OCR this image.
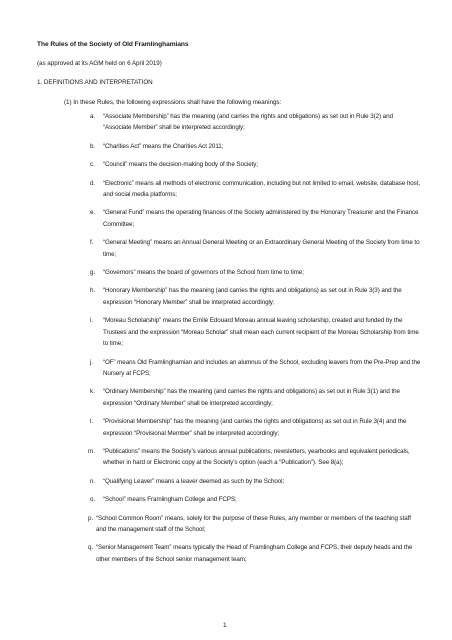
The Rules of the Society of Old Framlinghamians
(as approved at its AGM held on 6 April 2019)
1. DEFINITIONS AND INTERPRETATION
(1) In these Rules, the following expressions shall have the following meanings:
a. “Associate Membership” has the meaning (and carries the rights and obligations) as set out in Rule 3(2) and “Associate Member” shall be interpreted accordingly;
b. “Charities Act” means the Charities Act 2011;
c. “Council” means the decision-making body of the Society;
d. “Electronic” means all methods of electronic communication, including but not limited to email, website, database host, and social media platforms;
e. “General Fund” means the operating finances of the Society administered by the Honorary Treasurer and the Finance Committee;
f. “General Meeting” means an Annual General Meeting or an Extraordinary General Meeting of the Society from time to time;
g. “Governors” means the board of governors of the School from time to time;
h. “Honorary Membership” has the meaning (and carries the rights and obligations) as set out in Rule 3(3) and the expression “Honorary Member” shall be interpreted accordingly;
i. “Moreau Scholarship” means the Emile Edouard Moreau annual leaving scholarship, created and funded by the Trustees and the expression “Moreau Scholar” shall mean each current recipient of the Moreau Scholarship from time to time;
j. “OF” means Old Framlinghamian and includes an alumnus of the School, excluding leavers from the Pre-Prep and the Nursery at FCPS;
k. “Ordinary Membership” has the meaning (and carries the rights and obligations) as set out in Rule 3(1) and the expression “Ordinary Member” shall be interpreted accordingly;
l. “Provisional Membership” has the meaning (and carries the rights and obligations) as set out in Rule 3(4) and the expression “Provisional Member” shall be interpreted accordingly;
m. “Publications” means the Society’s various annual publications, newsletters, yearbooks and equivalent periodicals, whether in hard or Electronic copy at the Society’s option (each a “Publication”). See 8(a);
n. “Qualifying Leaver” means a leaver deemed as such by the School;
o. “School” means Framlingham College and FCPS;
p. “School Common Room” means, solely for the purpose of these Rules, any member or members of the teaching staff and the management staff of the School;
q. “Senior Management Team” means typically the Head of Framlingham College and FCPS, their deputy heads and the other members of the School senior management team;
1
